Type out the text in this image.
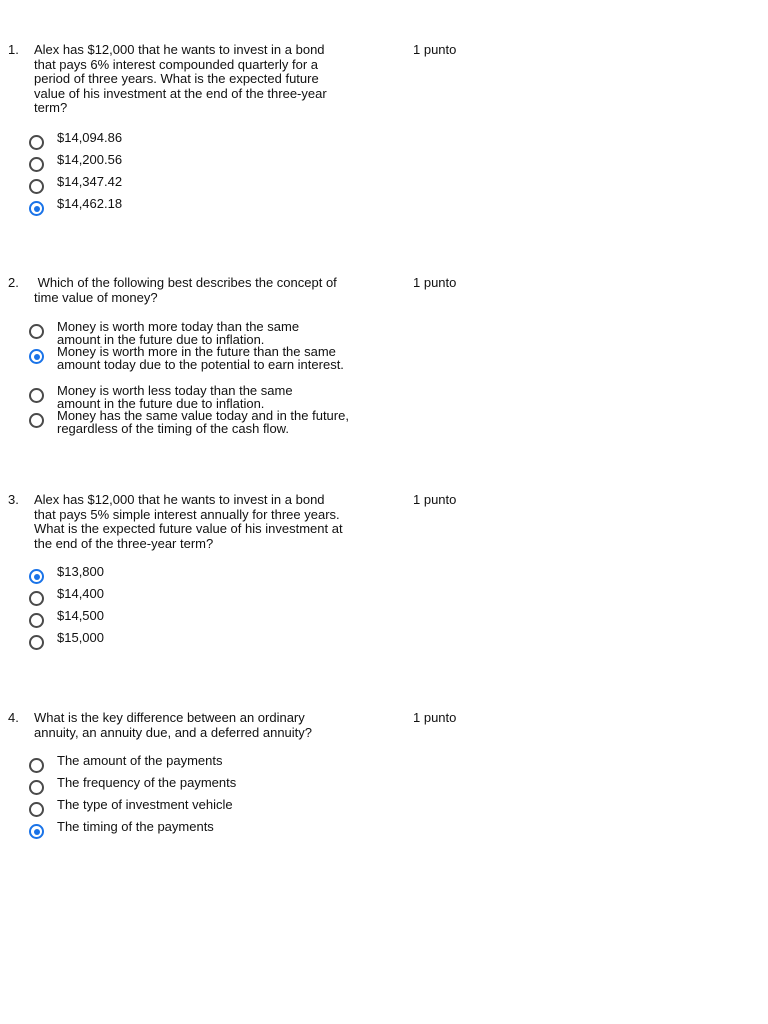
1. Alex has $12,000 that he wants to invest in a bond that pays 6% interest compounded quarterly for a period of three years. What is the expected future value of his investment at the end of the three-year term?
1 punto
$14,094.86
$14,200.56
$14,347.42
$14,462.18
2. Which of the following best describes the concept of time value of money?
1 punto
Money is worth more today than the same amount in the future due to inflation.
Money is worth more in the future than the same amount today due to the potential to earn interest.
Money is worth less today than the same amount in the future due to inflation.
Money has the same value today and in the future, regardless of the timing of the cash flow.
3. Alex has $12,000 that he wants to invest in a bond that pays 5% simple interest annually for three years. What is the expected future value of his investment at the end of the three-year term?
1 punto
$13,800
$14,400
$14,500
$15,000
4. What is the key difference between an ordinary annuity, an annuity due, and a deferred annuity?
1 punto
The amount of the payments
The frequency of the payments
The type of investment vehicle
The timing of the payments
